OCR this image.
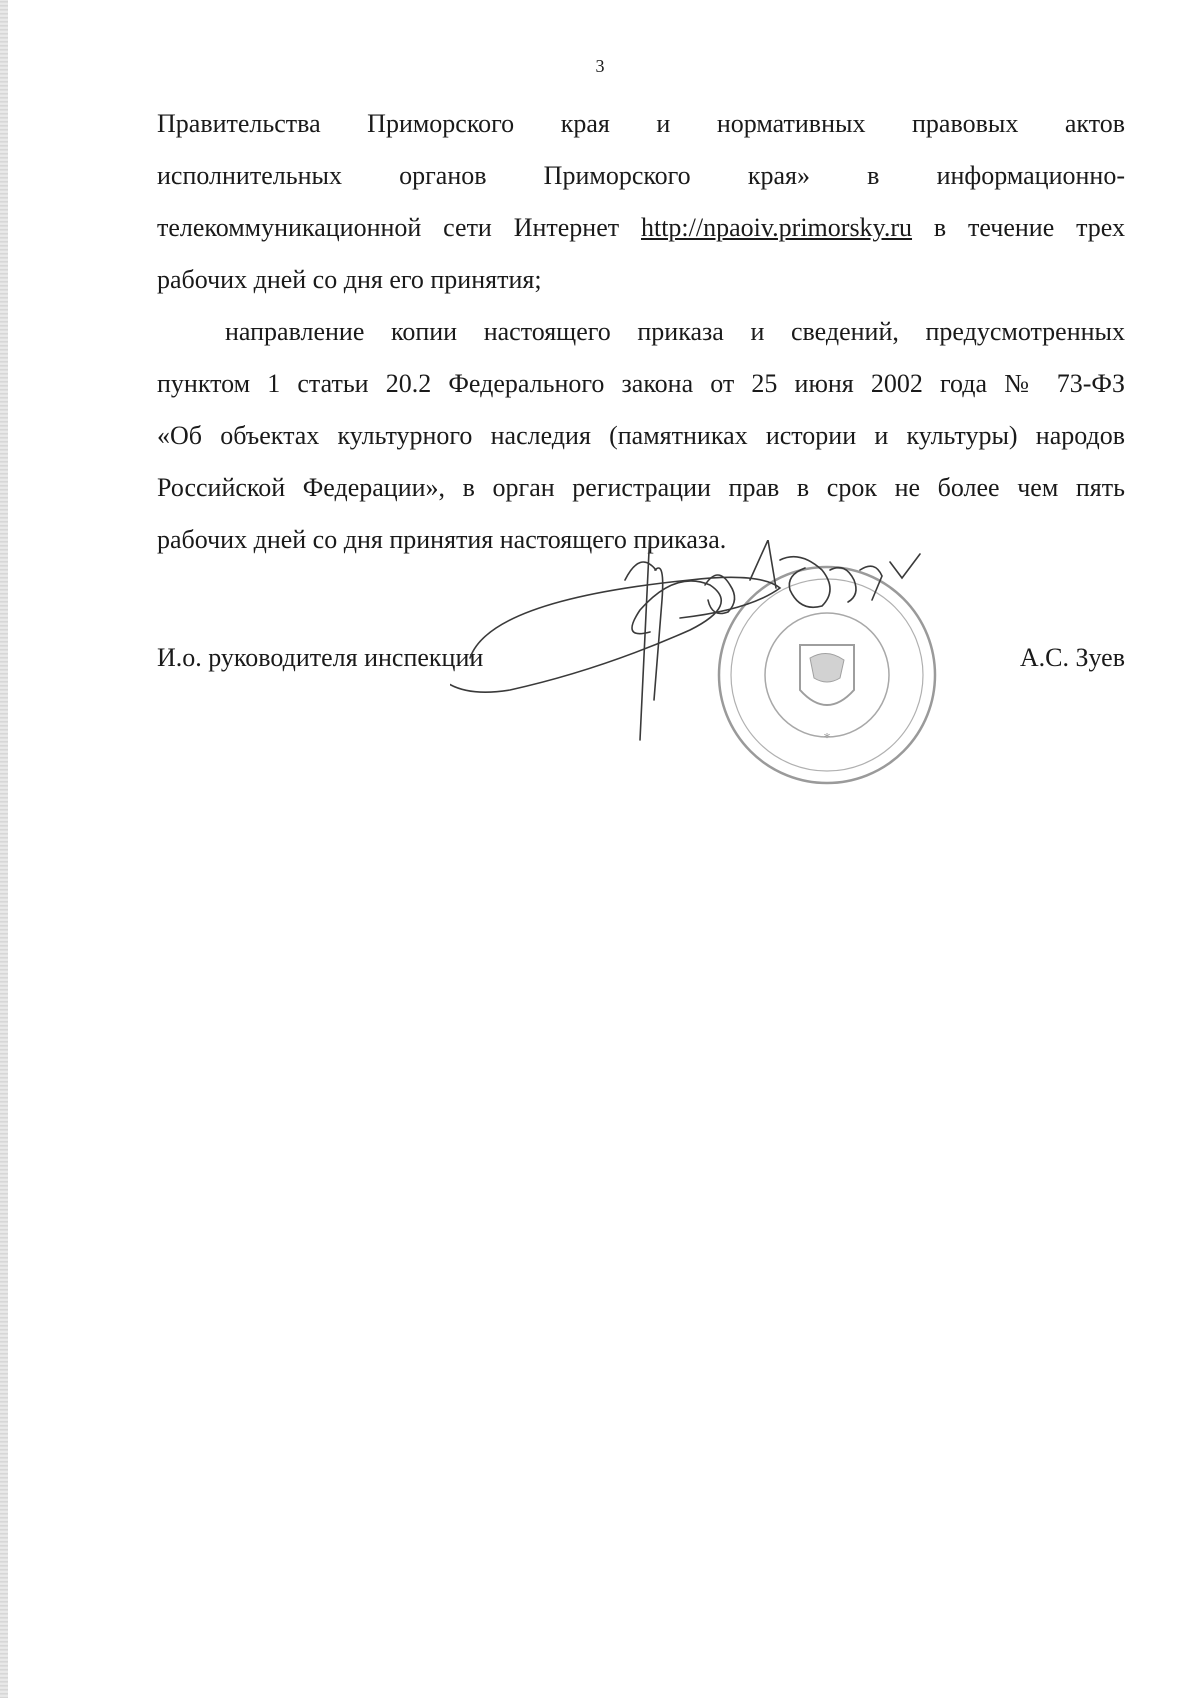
3
Правительства Приморского края и нормативных правовых актов
исполнительных органов Приморского края» в информационно-
телекоммуникационной сети Интернет http://npaoiv.primorsky.ru в течение трех
рабочих дней со дня его принятия;
направление копии настоящего приказа и сведений, предусмотренных
пунктом 1 статьи 20.2 Федерального закона от 25 июня 2002 года № 73-ФЗ
«Об объектах культурного наследия (памятниках истории и культуры) народов
Российской Федерации», в орган регистрации прав в срок не более чем пять
рабочих дней со дня принятия настоящего приказа.
И.о. руководителя инспекции	А.С. Зуев
*
